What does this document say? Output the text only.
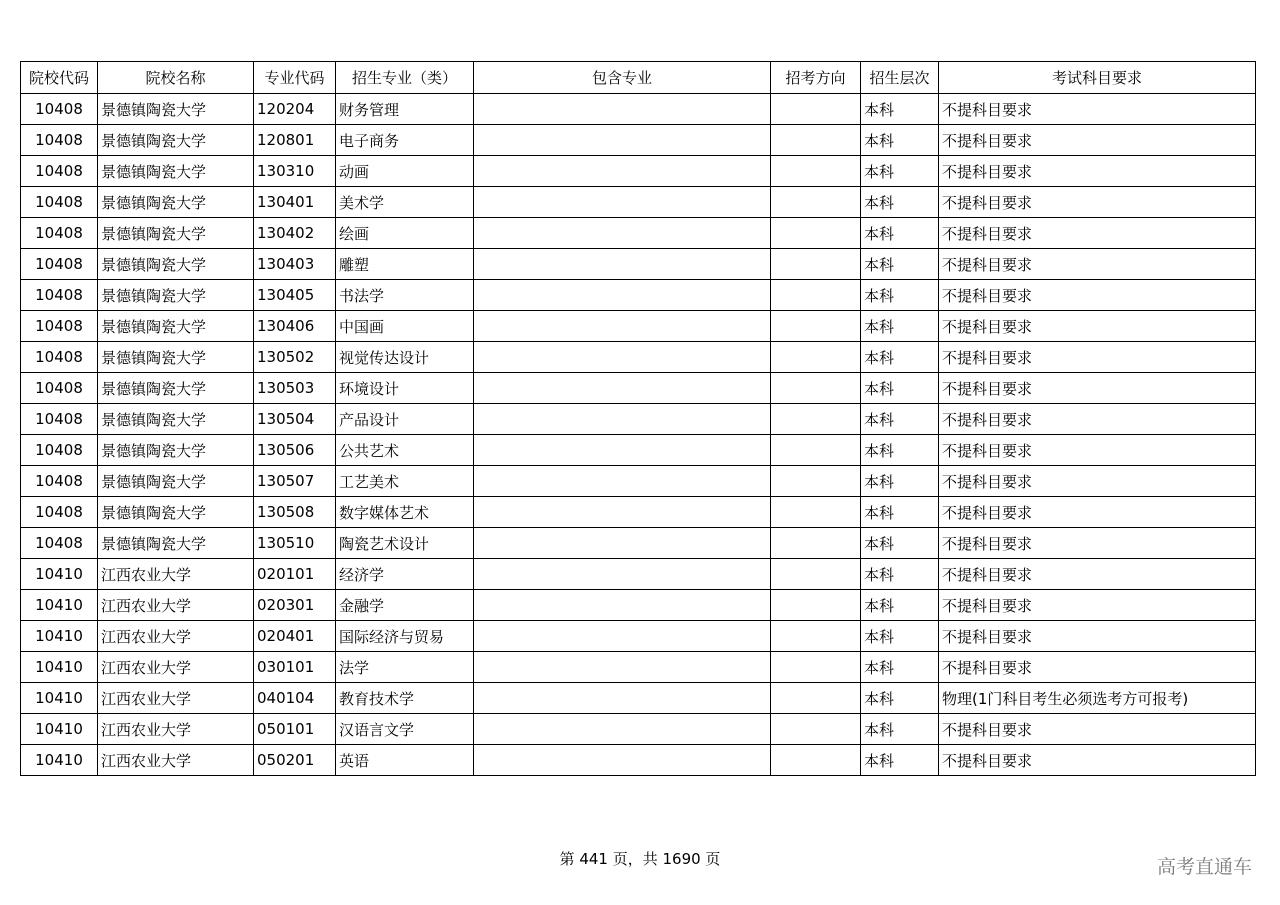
院校代码	院校名称	专业代码	招生专业（类）	包含专业	招考方向	招生层次	考试科目要求
10408	景德镇陶瓷大学	120204	财务管理			本科	不提科目要求
10408	景德镇陶瓷大学	120801	电子商务			本科	不提科目要求
10408	景德镇陶瓷大学	130310	动画			本科	不提科目要求
10408	景德镇陶瓷大学	130401	美术学			本科	不提科目要求
10408	景德镇陶瓷大学	130402	绘画			本科	不提科目要求
10408	景德镇陶瓷大学	130403	雕塑			本科	不提科目要求
10408	景德镇陶瓷大学	130405	书法学			本科	不提科目要求
10408	景德镇陶瓷大学	130406	中国画			本科	不提科目要求
10408	景德镇陶瓷大学	130502	视觉传达设计			本科	不提科目要求
10408	景德镇陶瓷大学	130503	环境设计			本科	不提科目要求
10408	景德镇陶瓷大学	130504	产品设计			本科	不提科目要求
10408	景德镇陶瓷大学	130506	公共艺术			本科	不提科目要求
10408	景德镇陶瓷大学	130507	工艺美术			本科	不提科目要求
10408	景德镇陶瓷大学	130508	数字媒体艺术			本科	不提科目要求
10408	景德镇陶瓷大学	130510	陶瓷艺术设计			本科	不提科目要求
10410	江西农业大学	020101	经济学			本科	不提科目要求
10410	江西农业大学	020301	金融学			本科	不提科目要求
10410	江西农业大学	020401	国际经济与贸易			本科	不提科目要求
10410	江西农业大学	030101	法学			本科	不提科目要求
10410	江西农业大学	040104	教育技术学			本科	物理(1门科目考生必须选考方可报考)
10410	江西农业大学	050101	汉语言文学			本科	不提科目要求
10410	江西农业大学	050201	英语			本科	不提科目要求
第 441 页，共 1690 页	高考直通车
